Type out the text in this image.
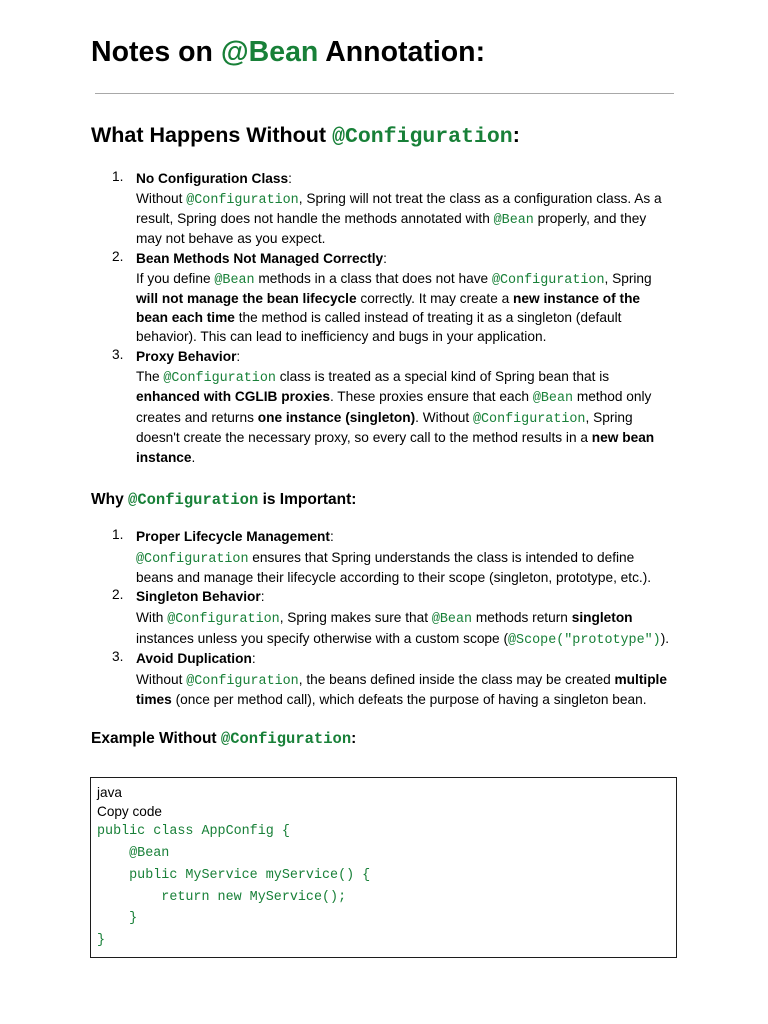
Notes on @Bean Annotation:
What Happens Without @Configuration:
1. No Configuration Class:
Without @Configuration, Spring will not treat the class as a configuration class. As a
result, Spring does not handle the methods annotated with @Bean properly, and they
may not behave as you expect.
2. Bean Methods Not Managed Correctly:
If you define @Bean methods in a class that does not have @Configuration, Spring
will not manage the bean lifecycle correctly. It may create a new instance of the
bean each time the method is called instead of treating it as a singleton (default
behavior). This can lead to inefficiency and bugs in your application.
3. Proxy Behavior:
The @Configuration class is treated as a special kind of Spring bean that is
enhanced with CGLIB proxies. These proxies ensure that each @Bean method only
creates and returns one instance (singleton). Without @Configuration, Spring
doesn't create the necessary proxy, so every call to the method results in a new bean
instance.
Why @Configuration is Important:
1. Proper Lifecycle Management:
@Configuration ensures that Spring understands the class is intended to define
beans and manage their lifecycle according to their scope (singleton, prototype, etc.).
2. Singleton Behavior:
With @Configuration, Spring makes sure that @Bean methods return singleton
instances unless you specify otherwise with a custom scope (@Scope("prototype")).
3. Avoid Duplication:
Without @Configuration, the beans defined inside the class may be created multiple
times (once per method call), which defeats the purpose of having a singleton bean.
Example Without @Configuration:
java
Copy code
public class AppConfig {
@Bean
public MyService myService() {
return new MyService();
}
}
